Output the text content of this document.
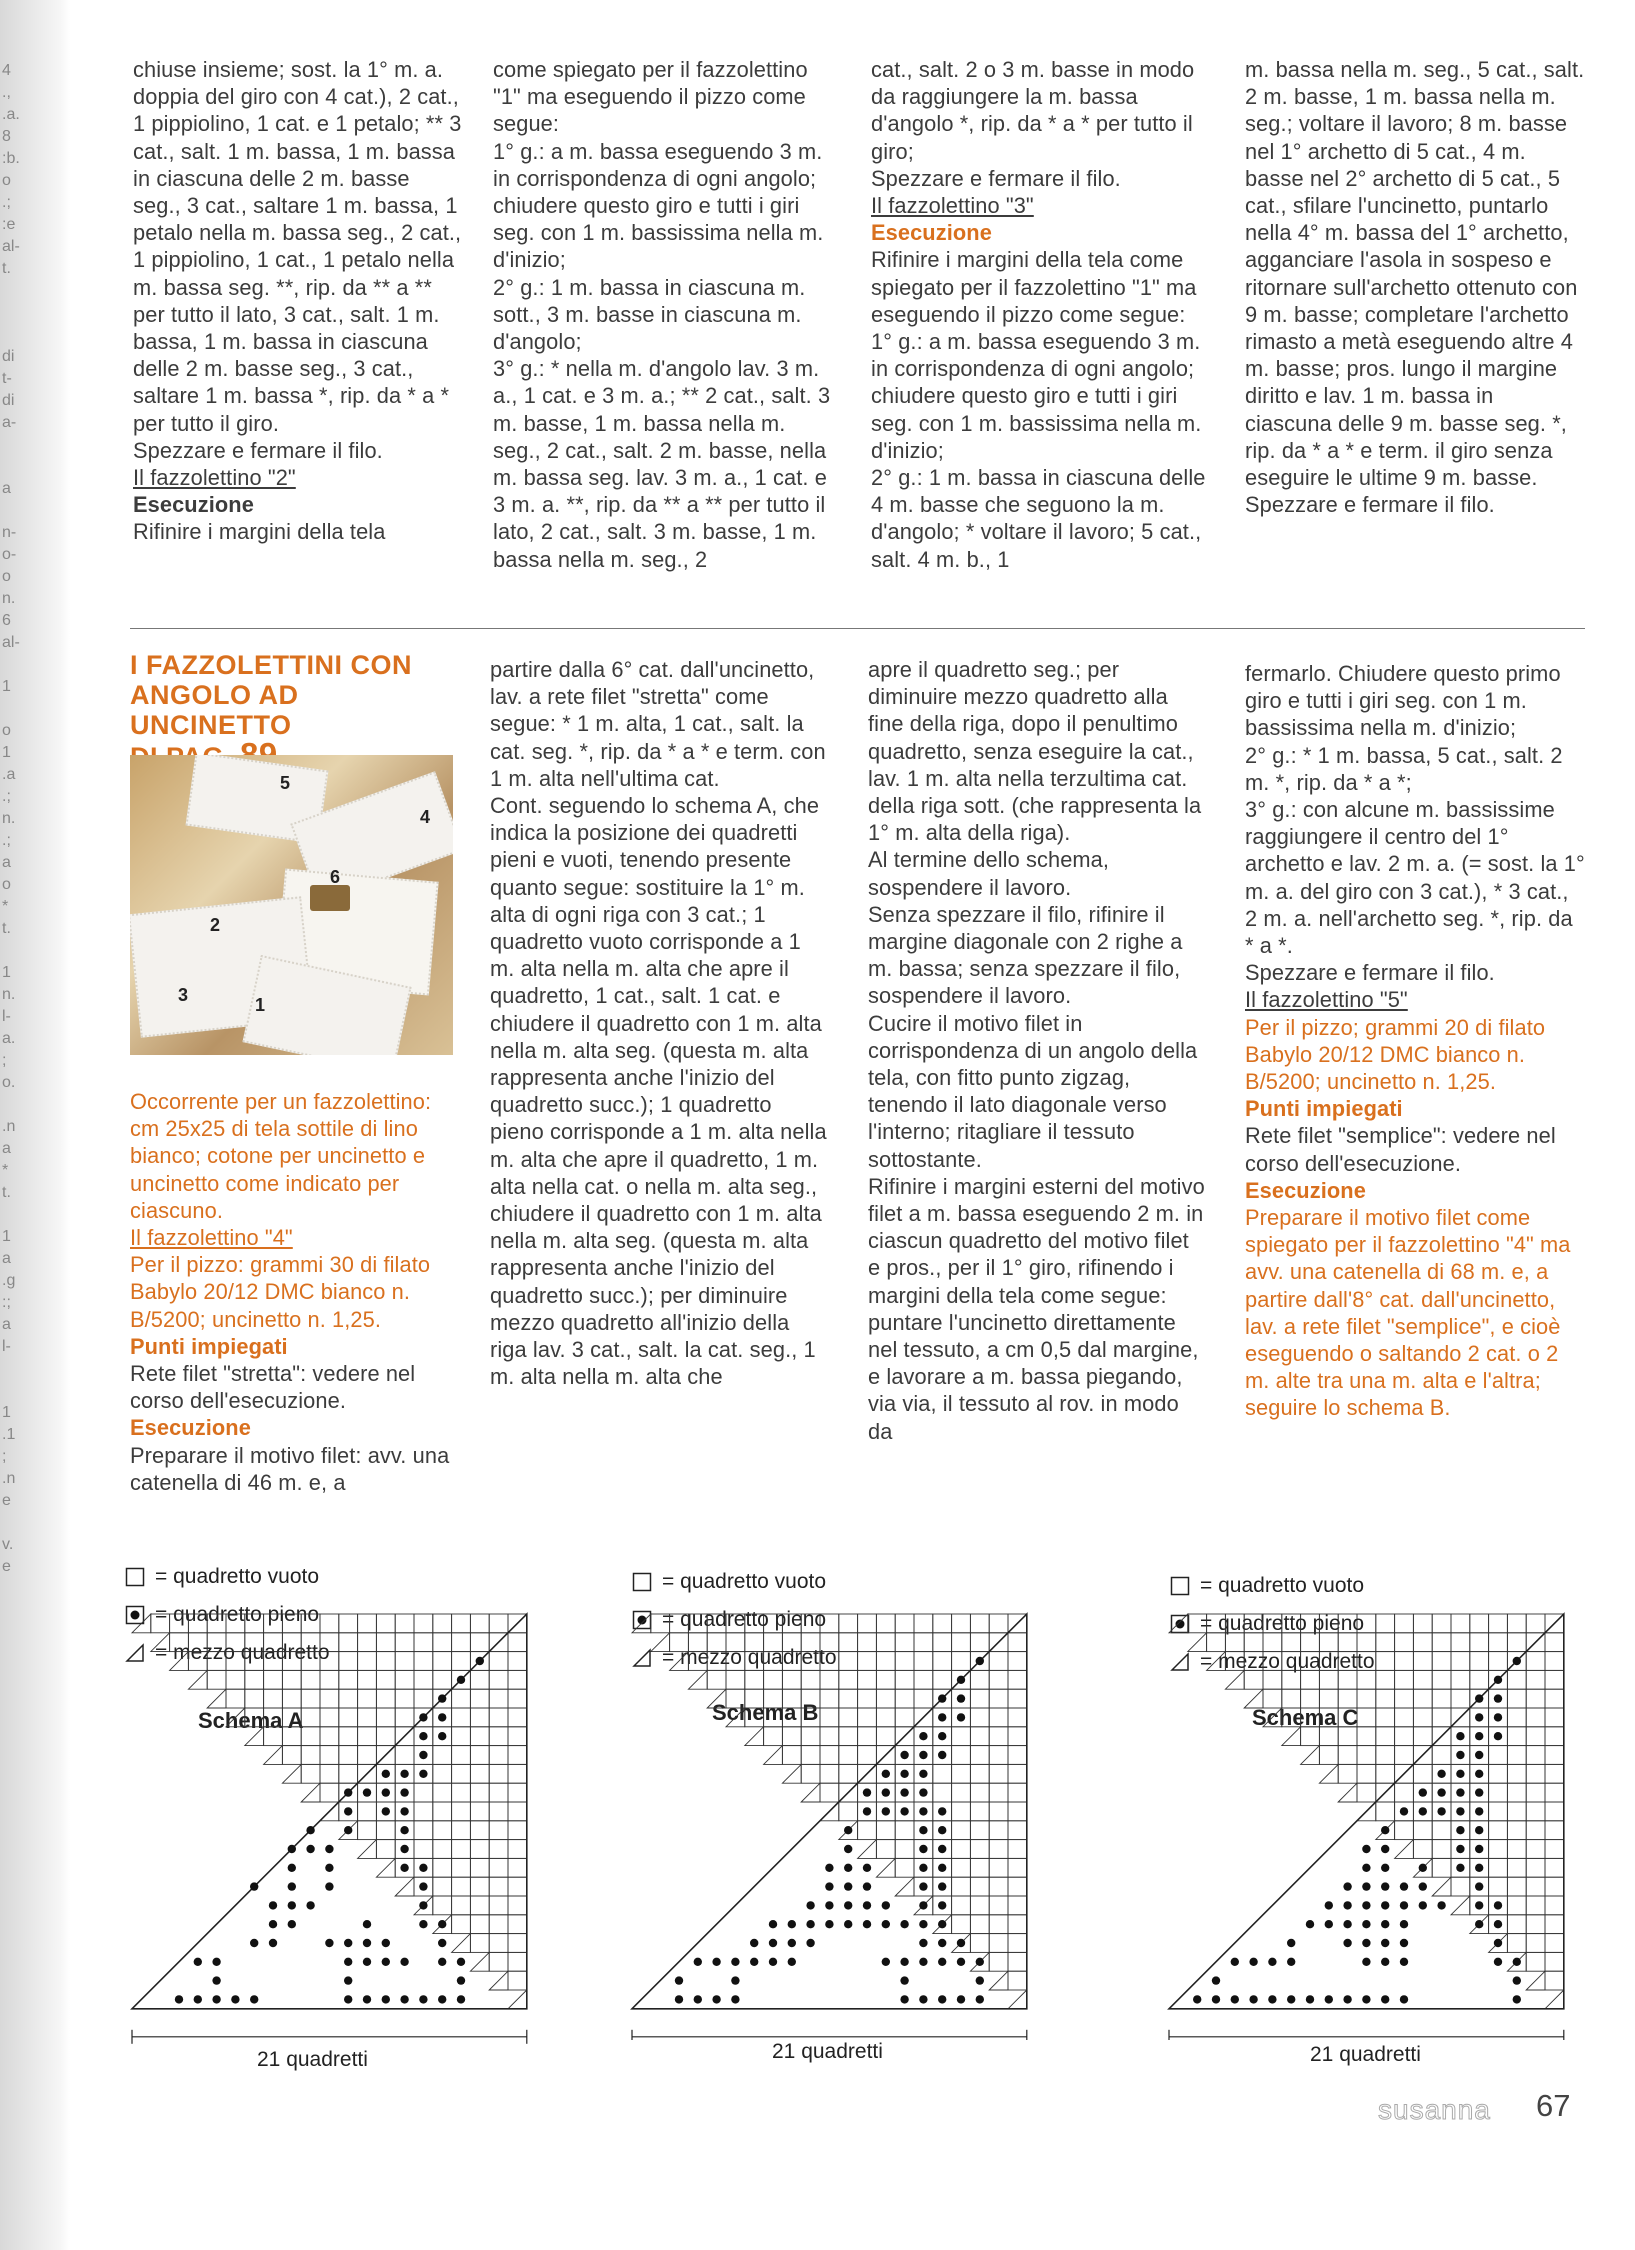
4
.,
.a.
8
:b.
o
.;
:e
al-
t.

di
t-
di
a-

a

n-
o-
o
n.
6
al-

1

o
1
.a
.;
n.
.;
a
o
*
t.

1
n.
l-
a.
;
o.

.n
a
*
t.

1
a
.g
:;
a
l-

1
.1
;
.n
e

v.
e

chiuse insieme; sost. la 1° m. a. doppia del giro con 4 cat.), 2 cat., 1 pippiolino, 1 cat. e 1 petalo; ** 3 cat., salt. 1 m. bassa, 1 m. bassa in ciascuna delle 2 m. basse seg., 3 cat., saltare 1 m. bassa, 1 petalo nella m. bassa seg., 2 cat., 1 pippiolino, 1 cat., 1 petalo nella m. bassa seg. **, rip. da ** a ** per tutto il lato, 3 cat., salt. 1 m. bassa, 1 m. bassa in ciascuna delle 2 m. basse seg., 3 cat., saltare 1 m. bassa *, rip. da * a * per tutto il giro.

Spezzare e fermare il filo.

Il fazzolettino "2"

Esecuzione

Rifinire i margini della tela

come spiegato per il fazzolettino "1" ma eseguendo il pizzo come segue:

1° g.: a m. bassa eseguendo 3 m. in corrispondenza di ogni angolo; chiudere questo giro e tutti i giri seg. con 1 m. bassissima nella m. d'inizio;

2° g.: 1 m. bassa in ciascuna m. sott., 3 m. basse in ciascuna m. d'angolo;

3° g.: * nella m. d'angolo lav. 3 m. a., 1 cat. e 3 m. a.; ** 2 cat., salt. 3 m. basse, 1 m. bassa nella m. seg., 2 cat., salt. 2 m. basse, nella m. bassa seg. lav. 3 m. a., 1 cat. e 3 m. a. **, rip. da ** a ** per tutto il lato, 2 cat., salt. 3 m. basse, 1 m. bassa nella m. seg., 2

cat., salt. 2 o 3 m. basse in modo da raggiungere la m. bassa d'angolo *, rip. da * a * per tutto il giro;

Spezzare e fermare il filo.

Il fazzolettino "3"

Esecuzione

Rifinire i margini della tela come spiegato per il fazzolettino "1" ma eseguendo il pizzo come segue:

1° g.: a m. bassa eseguendo 3 m. in corrispondenza di ogni angolo; chiudere questo giro e tutti i giri seg. con 1 m. bassissima nella m. d'inizio;

2° g.: 1 m. bassa in ciascuna delle 4 m. basse che seguono la m. d'angolo; * voltare il lavoro; 5 cat., salt. 4 m. b., 1

m. bassa nella m. seg., 5 cat., salt. 2 m. basse, 1 m. bassa nella m. seg.; voltare il lavoro; 8 m. basse nel 1° archetto di 5 cat., 4 m. basse nel 2° archetto di 5 cat., 5 cat., sfilare l'uncinetto, puntarlo nella 4° m. bassa del 1° archetto, agganciare l'asola in sospeso e ritornare sull'archetto ottenuto con 9 m. basse; completare l'archetto rimasto a metà eseguendo altre 4 m. basse; pros. lungo il margine diritto e lav. 1 m. bassa in ciascuna delle 9 m. basse seg. *, rip. da * a * e term. il giro senza eseguire le ultime 9 m. basse.

Spezzare e fermare il filo.

I FAZZOLETTINI CON
ANGOLO AD UNCINETTO
5
4
6
2
3	1

Occorrente per un fazzolettino: cm 25x25 di tela sottile di lino bianco; cotone per uncinetto e uncinetto come indicato per ciascuno.

Il fazzolettino "4"

Per il pizzo: grammi 30 di filato Babylo 20/12 DMC bianco n. B/5200; uncinetto n. 1,25.

Punti impiegati

Rete filet "stretta": vedere nel corso dell'esecuzione.

Esecuzione

Preparare il motivo filet: avv. una catenella di 46 m. e, a

partire dalla 6° cat. dall'uncinetto, lav. a rete filet "stretta" come segue: * 1 m. alta, 1 cat., salt. la cat. seg. *, rip. da * a * e term. con 1 m. alta nell'ultima cat.

Cont. seguendo lo schema A, che indica la posizione dei quadretti pieni e vuoti, tenendo presente quanto segue: sostituire la 1° m. alta di ogni riga con 3 cat.; 1 quadretto vuoto corrisponde a 1 m. alta nella m. alta che apre il quadretto, 1 cat., salt. 1 cat. e chiudere il quadretto con 1 m. alta nella m. alta seg. (questa m. alta rappresenta anche l'inizio del quadretto succ.); 1 quadretto pieno corrisponde a 1 m. alta nella m. alta che apre il quadretto, 1 m. alta nella cat. o nella m. alta seg., chiudere il quadretto con 1 m. alta nella m. alta seg. (questa m. alta rappresenta anche l'inizio del quadretto succ.); per diminuire mezzo quadretto all'inizio della riga lav. 3 cat., salt. la cat. seg., 1 m. alta nella m. alta che

apre il quadretto seg.; per diminuire mezzo quadretto alla fine della riga, dopo il penultimo quadretto, senza eseguire la cat., lav. 1 m. alta nella terzultima cat. della riga sott. (che rappresenta la 1° m. alta della riga).

Al termine dello schema, sospendere il lavoro.

Senza spezzare il filo, rifinire il margine diagonale con 2 righe a m. bassa; senza spezzare il filo, sospendere il lavoro.

Cucire il motivo filet in corrispondenza di un angolo della tela, con fitto punto zigzag, tenendo il lato diagonale verso l'interno; ritagliare il tessuto sottostante.

Rifinire i margini esterni del motivo filet a m. bassa eseguendo 2 m. in ciascun quadretto del motivo filet e pros., per il 1° giro, rifinendo i margini della tela come segue: puntare l'uncinetto direttamente nel tessuto, a cm 0,5 dal margine, e lavorare a m. bassa piegando, via via, il tessuto al rov. in modo da

fermarlo. Chiudere questo primo giro e tutti i giri seg. con 1 m. bassissima nella m. d'inizio;

2° g.: * 1 m. bassa, 5 cat., salt. 2 m. *, rip. da * a *;

3° g.: con alcune m. bassissime raggiungere il centro del 1° archetto e lav. 2 m. a. (= sost. la 1° m. a. del giro con 3 cat.), * 3 cat., 2 m. a. nell'archetto seg. *, rip. da * a *.

Spezzare e fermare il filo.

Il fazzolettino "5"

Per il pizzo; grammi 20 di filato Babylo 20/12 DMC bianco n. B/5200; uncinetto n. 1,25.

Punti impiegati

Rete filet "semplice": vedere nel corso dell'esecuzione.

Esecuzione

Preparare il motivo filet come spiegato per il fazzolettino "4" ma avv. una catenella di 68 m. e, a partire dall'8° cat. dall'uncinetto, lav. a rete filet "semplice", e cioè eseguendo o saltando 2 cat. o 2 m. alte tra una m. alta e l'altra; seguire lo schema B.

= quadretto vuoto
= quadretto pieno
= mezzo quadretto
= quadretto vuoto
= quadretto pieno
= mezzo quadretto
= quadretto vuoto
= quadretto pieno
= mezzo quadretto
Schema A	Schema B	Schema C
21 quadretti	21 quadretti	21 quadretti
susanna 67
